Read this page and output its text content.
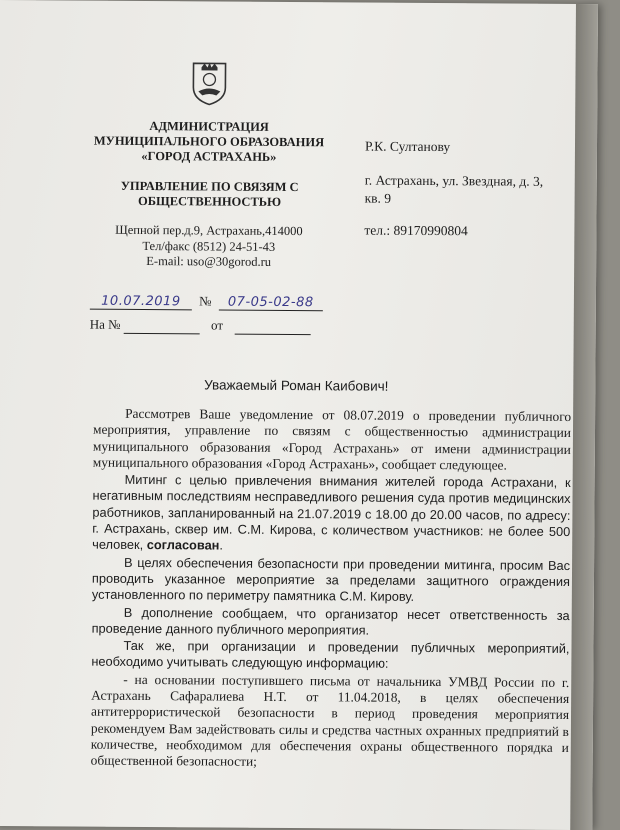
АДМИНИСТРАЦИЯ
МУНИЦИПАЛЬНОГО ОБРАЗОВАНИЯ
«ГОРОД АСТРАХАНЬ»
УПРАВЛЕНИЕ ПО СВЯЗЯМ С
ОБЩЕСТВЕННОСТЬЮ
Щепной пер.д.9, Астрахань,414000
Тел/факс (8512) 24-51-43
E-mail: uso@30gorod.ru
Р.К. Султанову
г. Астрахань, ул. Звездная, д. 3, кв. 9
тел.: 89170990804
10.07.2019 № 07-05-02-88
На №	от
Уважаемый Роман Каибович!

Рассмотрев Ваше уведомление от 08.07.2019 о проведении публичного мероприятия, управление по связям с общественностью администрации муниципального образования «Город Астрахань» от имени администрации муниципального образования «Город Астрахань», сообщает следующее.

Митинг с целью привлечения внимания жителей города Астрахани, к негативным последствиям несправедливого решения суда против медицинских работников, запланированный на 21.07.2019 с 18.00 до 20.00 часов, по адресу: г. Астрахань, сквер им. С.М. Кирова, с количеством участников: не более 500 человек, согласован.

В целях обеспечения безопасности при проведении митинга, просим Вас проводить указанное мероприятие за пределами защитного ограждения установленного по периметру памятника С.М. Кирову.

В дополнение сообщаем, что организатор несет ответственность за проведение данного публичного мероприятия.

Так же, при организации и проведении публичных мероприятий, необходимо учитывать следующую информацию:

- на основании поступившего письма от начальника УМВД России по г. Астрахань Сафаралиева Н.Т. от 11.04.2018, в целях обеспечения антитеррористической безопасности в период проведения мероприятия рекомендуем Вам задействовать силы и средства частных охранных предприятий в количестве, необходимом для обеспечения охраны общественного порядка и общественной безопасности;
